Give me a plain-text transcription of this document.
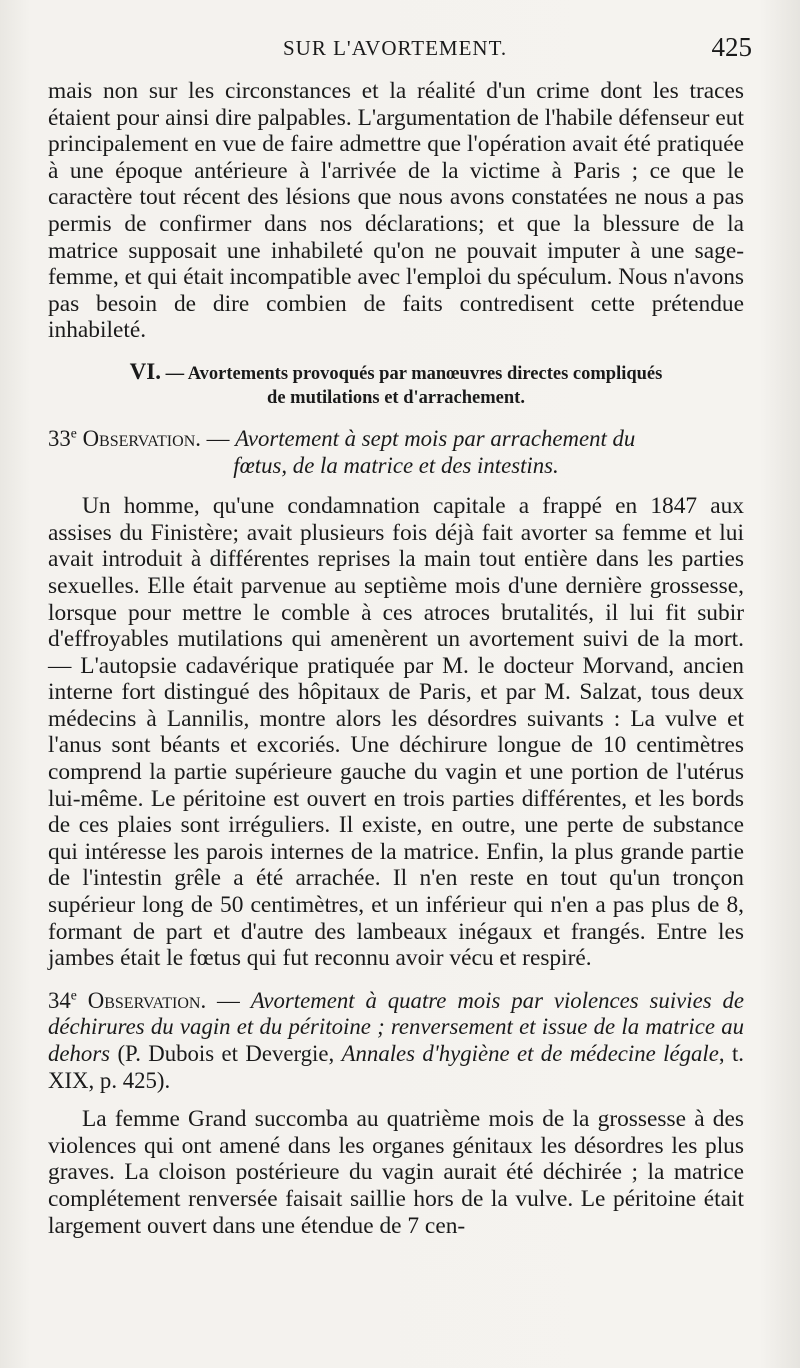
SUR L'AVORTEMENT.	425

mais non sur les circonstances et la réalité d'un crime dont les traces étaient pour ainsi dire palpables. L'argumentation de l'habile défenseur eut principalement en vue de faire admettre que l'opération avait été pratiquée à une époque antérieure à l'arrivée de la victime à Paris ; ce que le caractère tout récent des lésions que nous avons constatées ne nous a pas permis de confirmer dans nos déclarations; et que la blessure de la matrice supposait une inhabileté qu'on ne pouvait imputer à une sage-femme, et qui était incompatible avec l'emploi du spéculum. Nous n'avons pas besoin de dire combien de faits contredisent cette prétendue inhabileté.

VI. — Avortements provoqués par manœuvres directes compliqués
de mutilations et d'arrachement.

33e Observation. — Avortement à sept mois par arrachement du
fœtus, de la matrice et des intestins.

Un homme, qu'une condamnation capitale a frappé en 1847 aux assises du Finistère; avait plusieurs fois déjà fait avorter sa femme et lui avait introduit à différentes reprises la main tout entière dans les parties sexuelles. Elle était parvenue au septième mois d'une dernière grossesse, lorsque pour mettre le comble à ces atroces brutalités, il lui fit subir d'effroyables mutilations qui amenèrent un avortement suivi de la mort. — L'autopsie cadavérique pratiquée par M. le docteur Morvand, ancien interne fort distingué des hôpitaux de Paris, et par M. Salzat, tous deux médecins à Lannilis, montre alors les désordres suivants : La vulve et l'anus sont béants et excoriés. Une déchirure longue de 10 centimètres comprend la partie supérieure gauche du vagin et une portion de l'utérus lui-même. Le péritoine est ouvert en trois parties différentes, et les bords de ces plaies sont irréguliers. Il existe, en outre, une perte de substance qui intéresse les parois internes de la matrice. Enfin, la plus grande partie de l'intestin grêle a été arrachée. Il n'en reste en tout qu'un tronçon supérieur long de 50 centimètres, et un inférieur qui n'en a pas plus de 8, formant de part et d'autre des lambeaux inégaux et frangés. Entre les jambes était le fœtus qui fut reconnu avoir vécu et respiré.

34e Observation. — Avortement à quatre mois par violences suivies de déchirures du vagin et du péritoine ; renversement et issue de la matrice au dehors (P. Dubois et Devergie, Annales d'hygiène et de médecine légale, t. XIX, p. 425).

La femme Grand succomba au quatrième mois de la grossesse à des violences qui ont amené dans les organes génitaux les désordres les plus graves. La cloison postérieure du vagin aurait été déchirée ; la matrice complétement renversée faisait saillie hors de la vulve. Le péritoine était largement ouvert dans une étendue de 7 cen-
